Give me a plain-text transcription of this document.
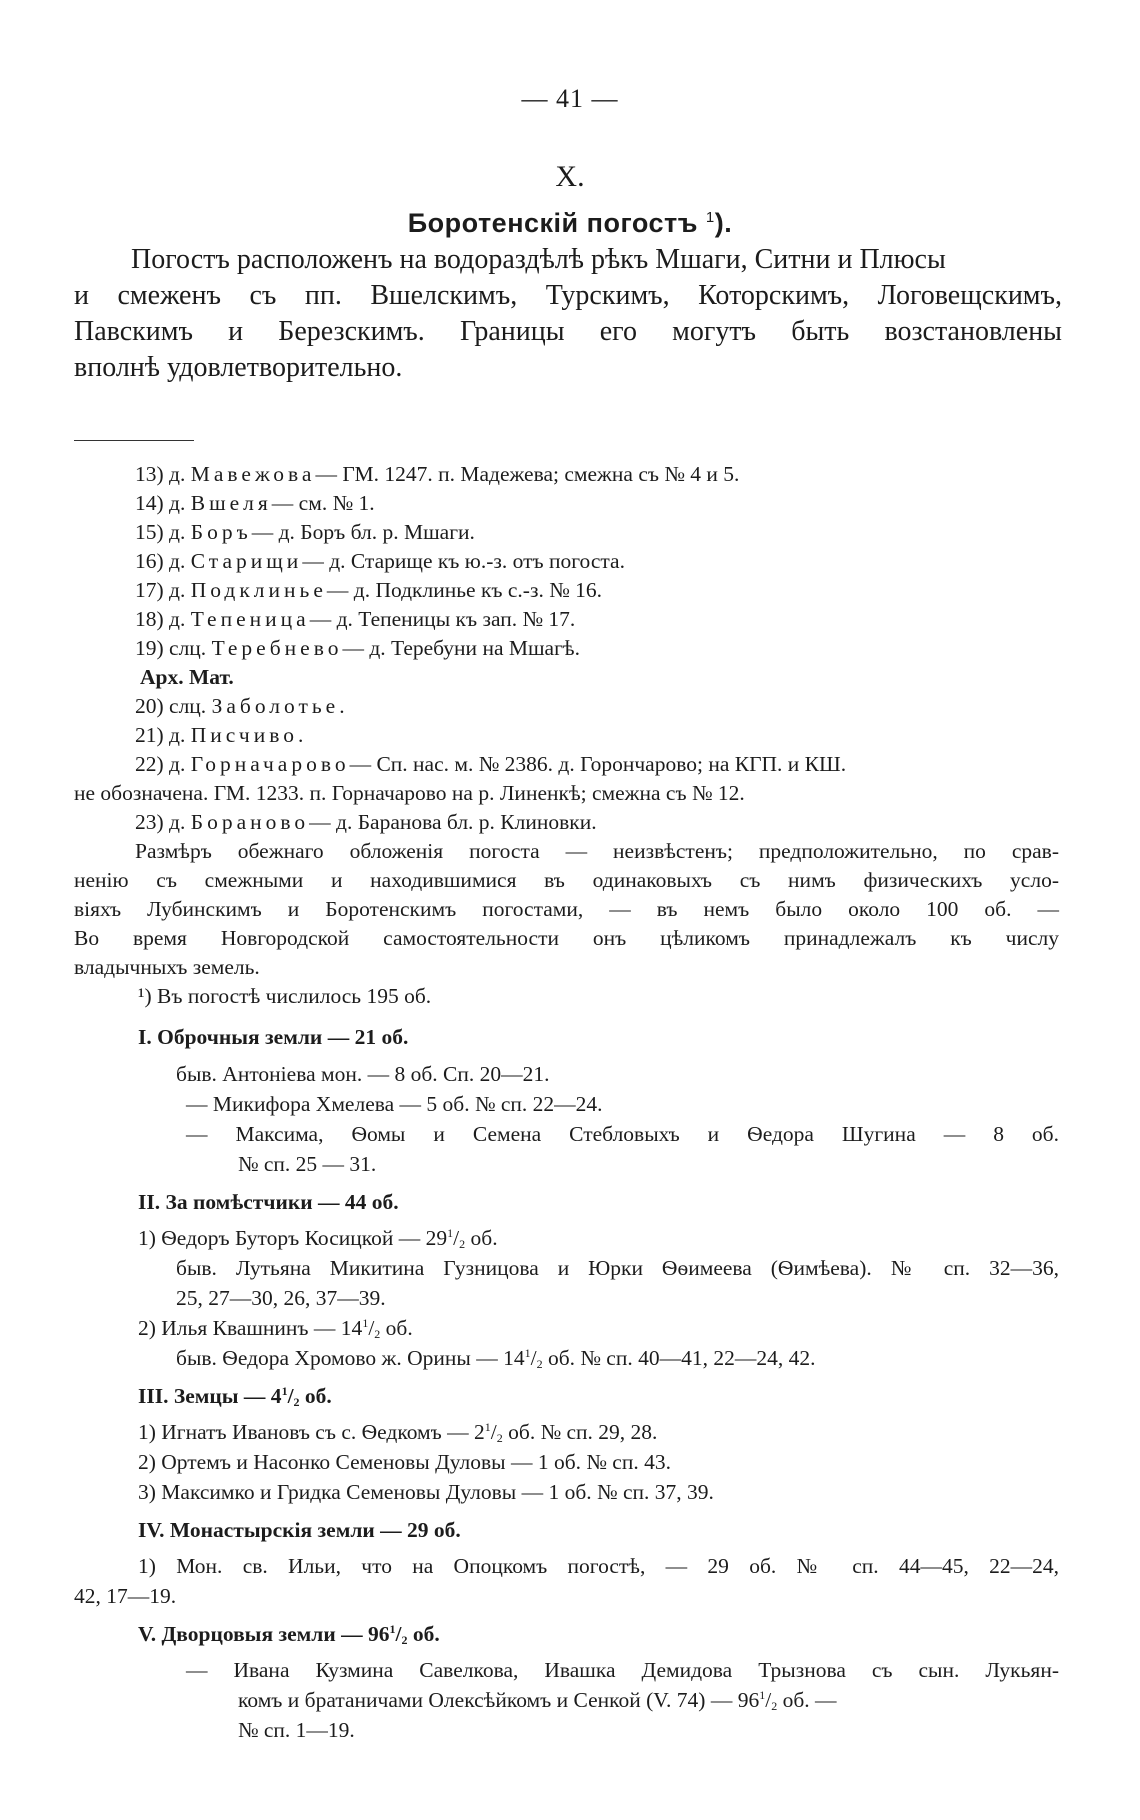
— 41 —
X.
Боротенскій погостъ $^1$).
Погостъ расположенъ на водораздѣлѣ рѣкъ Мшаги, Ситни и Плюсы
и смеженъ съ пп. Вшелскимъ, Турскимъ, Которскимъ, Логовещскимъ,
Павскимъ и Березскимъ. Границы его могутъ быть возстановлены
вполнѣ удовлетворительно.
13) д. Мавежова— ГМ. 1247. п. Мадежева; смежна съ № 4 и 5.
14) д. Вшеля— см. № 1.
15) д. Боръ— д. Боръ бл. р. Мшаги.
16) д. Старищи— д. Старище къ ю.-з. отъ погоста.
17) д. Подклинье— д. Подклинье къ с.-з. № 16.
18) д. Тепеница— д. Тепеницы къ зап. № 17.
19) слц. Теребнево— д. Теребуни на Мшагѣ.
Арх. Мат.
20) слц. Заболотье.
21) д. Писчиво.
22) д. Горначарово— Сп. нас. м. № 2386. д. Горончарово; на КГП. и КШ.
не обозначена. ГМ. 1233. п. Горначарово на р. Линенкѣ; смежна съ № 12.
23) д. Бораново— д. Баранова бл. р. Клиновки.
Размѣръ обежнаго обложенія погоста — неизвѣстенъ; предположительно, по срав-
ненію съ смежными и находившимися въ одинаковыхъ съ нимъ физическихъ усло-
віяхъ Лубинскимъ и Боротенскимъ погостами, — въ немъ было около 100 об. —
Во время Новгородской самостоятельности онъ цѣликомъ принадлежалъ къ числу
владычныхъ земель.
¹) Въ погостѣ числилось 195 об.
I. Оброчныя земли — 21 об.
быв. Антоніева мон. — 8 об. Сп. 20—21.
— Микифора Хмелева — 5 об. № сп. 22—24.
— Максима, Ѳомы и Семена Стебловыхъ и Ѳедора Шугина — 8 об.
№ сп. 25 — 31.
II. За помѣстчики — 44 об.
1) Ѳедоръ Буторъ Косицкой — $29^1/2$ об.
быв. Лутьяна Микитина Гузницова и Юрки Ѳѳимеева (Ѳимѣева). № сп. 32—36,
25, 27—30, 26, 37—39.
2) Илья Квашнинъ — $14^1/2$ об.
быв. Ѳедора Хромово ж. Орины — $14^1/2$ об. № сп. 40—41, 22—24, 42.
III. Земцы — $4^1/2$ об.
1) Игнатъ Ивановъ съ с. Ѳедкомъ — $2^1/2$ об. № сп. 29, 28.
2) Ортемъ и Насонко Семеновы Дуловы — 1 об. № сп. 43.
3) Максимко и Гридка Семеновы Дуловы — 1 об. № сп. 37, 39.
IV. Монастырскія земли — 29 об.
1) Мон. св. Ильи, что на Опоцкомъ погостѣ, — 29 об. № сп. 44—45, 22—24,
42, 17—19.
V. Дворцовыя земли — $96^1/2$ об.
— Ивана Кузмина Савелкова, Ивашка Демидова Трызнова съ сын. Лукьян-
комъ и братаничами Олексѣйкомъ и Сенкой (V. 74) — $96^1/2$ об. —
№ сп. 1—19.
